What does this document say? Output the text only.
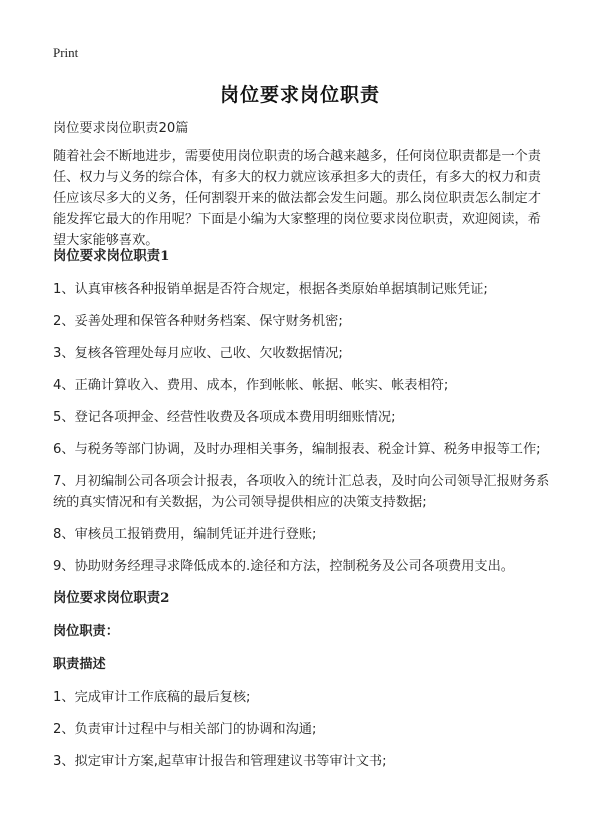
Print
岗位要求岗位职责

岗位要求岗位职责20篇

随着社会不断地进步，需要使用岗位职责的场合越来越多，任何岗位职责都是一个责任、权力与义务的综合体，有多大的权力就应该承担多大的责任，有多大的权力和责任应该尽多大的义务，任何割裂开来的做法都会发生问题。那么岗位职责怎么制定才能发挥它最大的作用呢？下面是小编为大家整理的岗位要求岗位职责，欢迎阅读，希望大家能够喜欢。

岗位要求岗位职责1

1、认真审核各种报销单据是否符合规定，根据各类原始单据填制记账凭证;

2、妥善处理和保管各种财务档案、保守财务机密;

3、复核各管理处每月应收、己收、欠收数据情况;

4、正确计算收入、费用、成本，作到帐帐、帐据、帐实、帐表相符;

5、登记各项押金、经营性收费及各项成本费用明细账情况;

6、与税务等部门协调，及时办理相关事务，编制报表、税金计算、税务申报等工作;

7、月初编制公司各项会计报表，各项收入的统计汇总表，及时向公司领导汇报财务系统的真实情况和有关数据，为公司领导提供相应的决策支持数据;

8、审核员工报销费用，编制凭证并进行登账;

9、协助财务经理寻求降低成本的.途径和方法，控制税务及公司各项费用支出。

岗位要求岗位职责2

岗位职责：

职责描述

1、完成审计工作底稿的最后复核;

2、负责审计过程中与相关部门的协调和沟通;

3、拟定审计方案,起草审计报告和管理建议书等审计文书;
